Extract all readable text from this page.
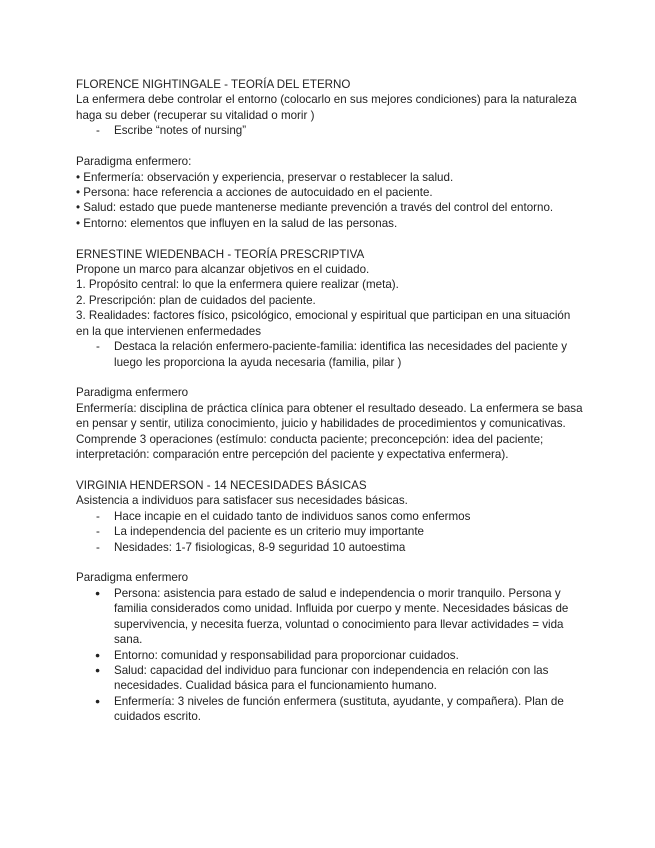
FLORENCE NIGHTINGALE - TEORÍA DEL ETERNO

La enfermera debe controlar el entorno (colocarlo en sus mejores condiciones) para la naturaleza haga su deber (recuperar su vitalidad o morir )

- Escribe “notes of nursing”

Paradigma enfermero:

• Enfermería: observación y experiencia, preservar o restablecer la salud.

• Persona: hace referencia a acciones de autocuidado en el paciente.

• Salud: estado que puede mantenerse mediante prevención a través del control del entorno.

• Entorno: elementos que influyen en la salud de las personas.

ERNESTINE WIEDENBACH - TEORÍA PRESCRIPTIVA

Propone un marco para alcanzar objetivos en el cuidado.

1. Propósito central: lo que la enfermera quiere realizar (meta).

2. Prescripción: plan de cuidados del paciente.

3. Realidades: factores físico, psicológico, emocional y espiritual que participan en una situación en la que intervienen enfermedades

- Destaca la relación enfermero-paciente-familia: identifica las necesidades del paciente y luego les proporciona la ayuda necesaria (familia, pilar )

Paradigma enfermero

Enfermería: disciplina de práctica clínica para obtener el resultado deseado. La enfermera se basa en pensar y sentir, utiliza conocimiento, juicio y habilidades de procedimientos y comunicativas.

Comprende 3 operaciones (estímulo: conducta paciente; preconcepción: idea del paciente; interpretación: comparación entre percepción del paciente y expectativa enfermera).

VIRGINIA HENDERSON - 14 NECESIDADES BÁSICAS

Asistencia a individuos para satisfacer sus necesidades básicas.

- Hace incapie en el cuidado tanto de individuos sanos como enfermos
- La independencia del paciente es un criterio muy importante
- Nesidades: 1-7 fisiologicas, 8-9 seguridad 10 autoestima

Paradigma enfermero

● Persona: asistencia para estado de salud e independencia o morir tranquilo. Persona y familia considerados como unidad. Influida por cuerpo y mente. Necesidades básicas de supervivencia, y necesita fuerza, voluntad o conocimiento para llevar actividades = vida sana.
● Entorno: comunidad y responsabilidad para proporcionar cuidados.
● Salud: capacidad del individuo para funcionar con independencia en relación con las necesidades. Cualidad básica para el funcionamiento humano.
● Enfermería: 3 niveles de función enfermera (sustituta, ayudante, y compañera). Plan de cuidados escrito.
